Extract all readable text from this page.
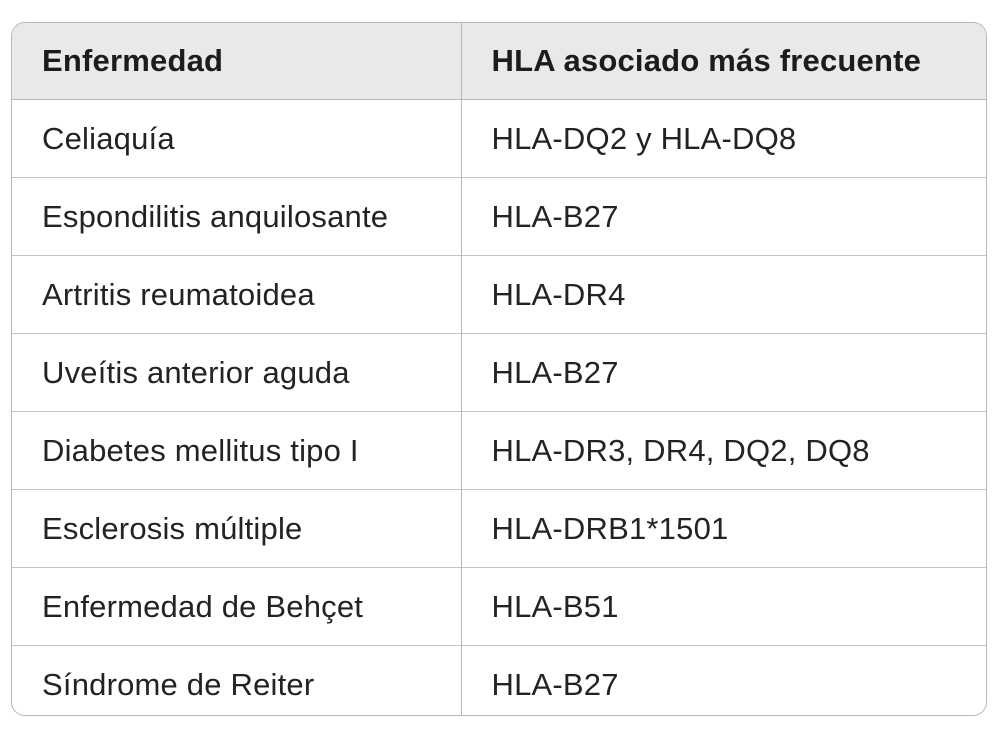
Enfermedad	HLA asociado más frecuente
Celiaquía	HLA-DQ2 y HLA-DQ8
Espondilitis anquilosante	HLA-B27
Artritis reumatoidea	HLA-DR4
Uveítis anterior aguda	HLA-B27
Diabetes mellitus tipo I	HLA-DR3, DR4, DQ2, DQ8
Esclerosis múltiple	HLA-DRB1*1501
Enfermedad de Behçet	HLA-B51
Síndrome de Reiter	HLA-B27
